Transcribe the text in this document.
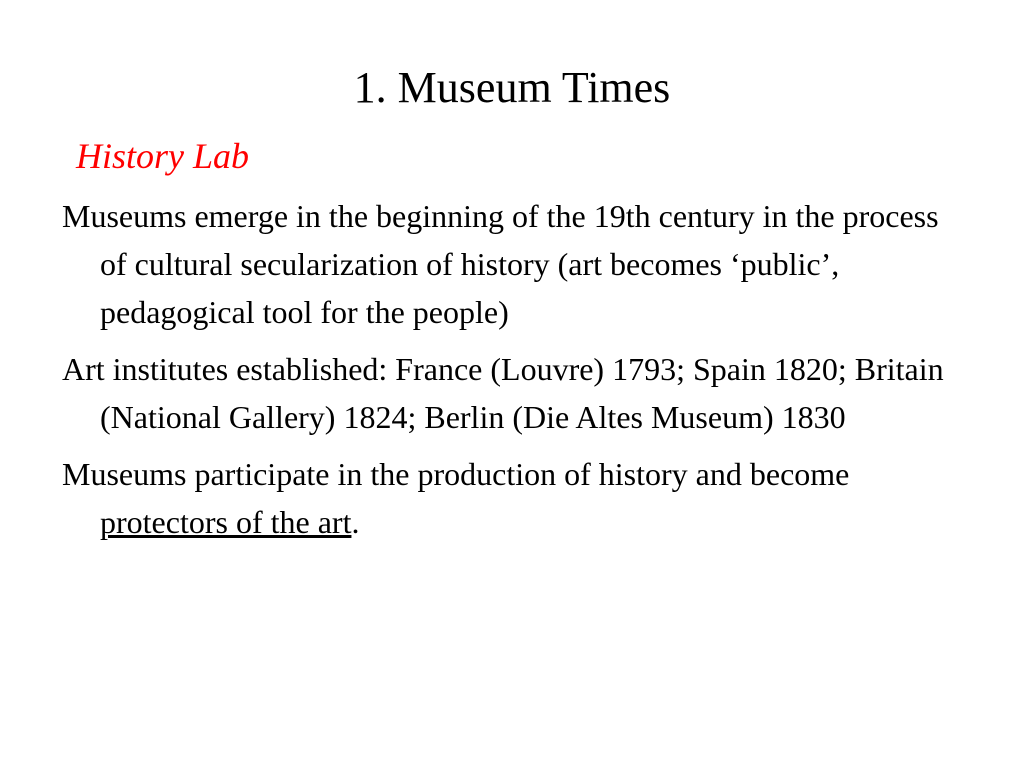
1. Museum Times

History Lab

Museums emerge in the beginning of the 19th century in the process of cultural secularization of history (art becomes ‘public’, pedagogical tool for the people)
Art institutes established: France (Louvre) 1793; Spain 1820; Britain (National Gallery) 1824; Berlin (Die Altes Museum) 1830
Museums participate in the production of history and become protectors of the art.
